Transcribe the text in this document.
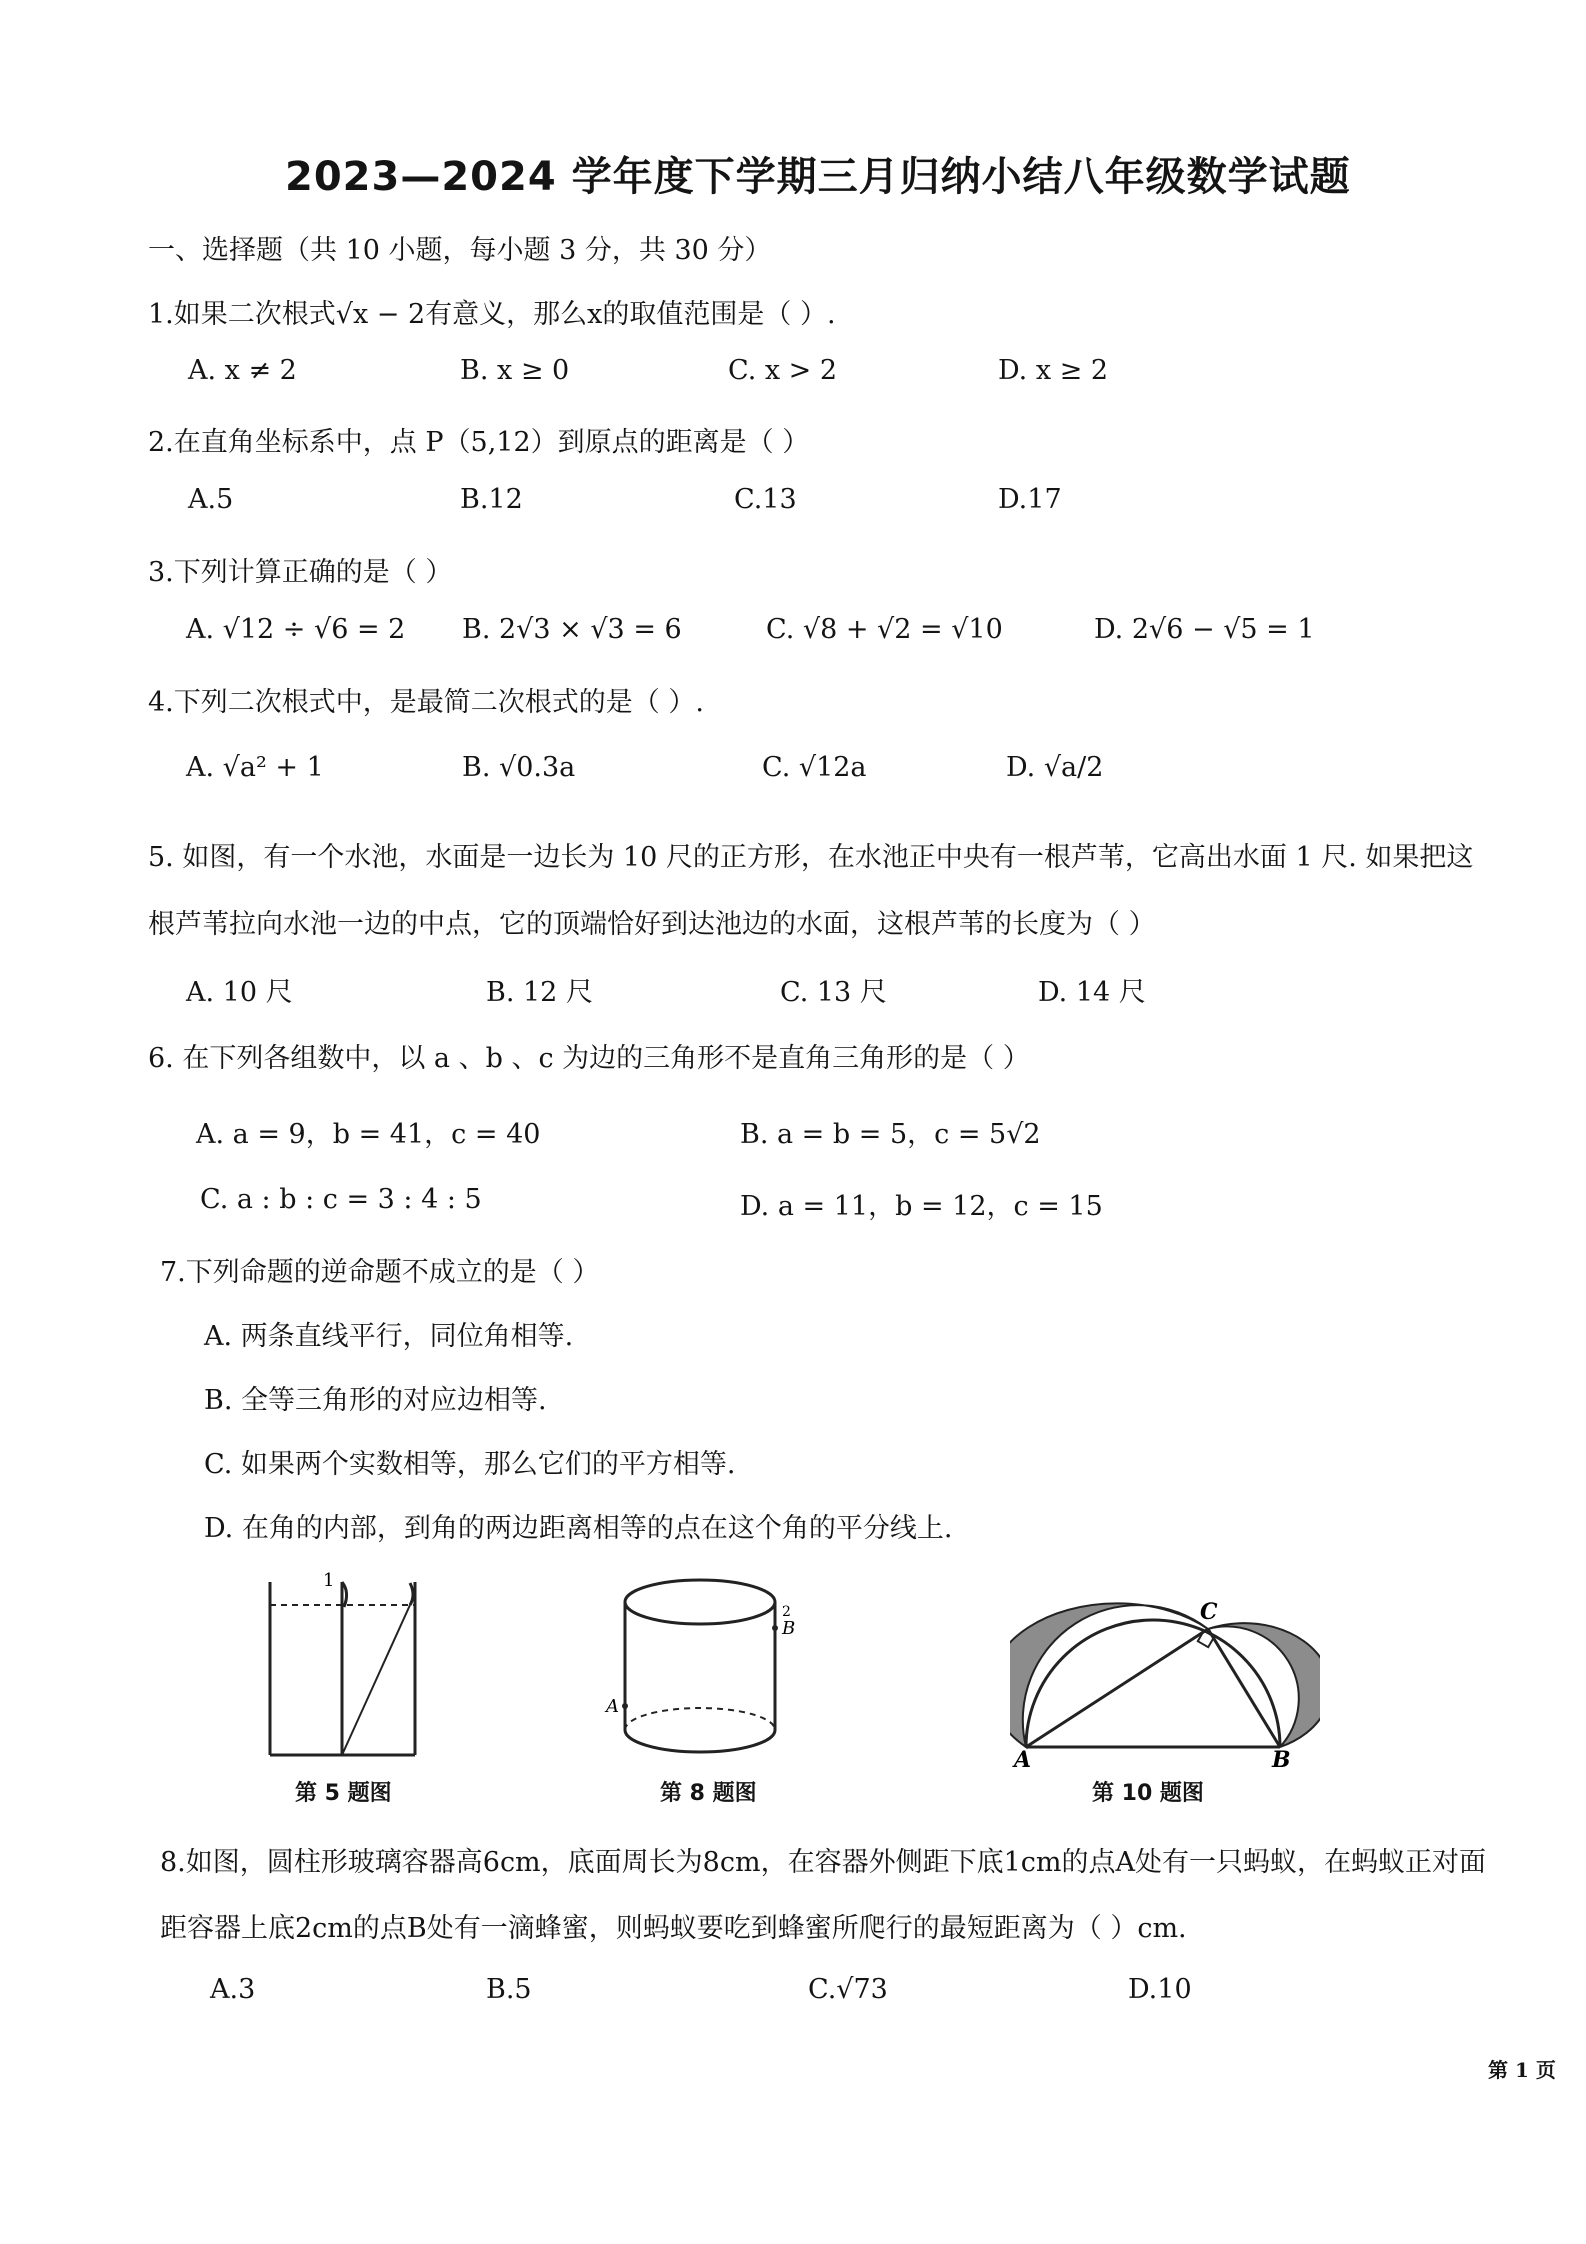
2023—2024 学年度下学期三月归纳小结八年级数学试题
一、选择题（共 10 小题，每小题 3 分，共 30 分）
1.如果二次根式√x − 2有意义，那么x的取值范围是（ ）.
A. x ≠ 2	B. x ≥ 0	C. x > 2	D. x ≥ 2
2.在直角坐标系中，点 P（5,12）到原点的距离是（ ）
A.5	B.12	C.13	D.17
3.下列计算正确的是（ ）
A. √12 ÷ √6 = 2 B. 2√3 × √3 = 6	C. √8 + √2 = √10	D. 2√6 − √5 = 1
4.下列二次根式中，是最简二次根式的是（ ）.
A. √a² + 1	B. √0.3a	C. √12a	D. √a/2
5. 如图，有一个水池，水面是一边长为 10 尺的正方形，在水池正中央有一根芦苇，它高出水面 1 尺. 如果把这
根芦苇拉向水池一边的中点，它的顶端恰好到达池边的水面，这根芦苇的长度为（ ）
A. 10 尺	B. 12 尺	C. 13 尺	D. 14 尺
6. 在下列各组数中，以 a 、b 、c 为边的三角形不是直角三角形的是（ ）
A. a = 9，b = 41，c = 40	B. a = b = 5，c = 5√2
C. a : b : c = 3 : 4 : 5	D. a = 11，b = 12，c = 15
7.下列命题的逆命题不成立的是（ ）
A. 两条直线平行，同位角相等.
B. 全等三角形的对应边相等.
C. 如果两个实数相等，那么它们的平方相等.
D. 在角的内部，到角的两边距离相等的点在这个角的平分线上.
1
第 5 题图
A
B
2
第 8 题图
A	B
C
第 10 题图
8.如图，圆柱形玻璃容器高6cm，底面周长为8cm，在容器外侧距下底1cm的点A处有一只蚂蚁，在蚂蚁正对面
距容器上底2cm的点B处有一滴蜂蜜，则蚂蚁要吃到蜂蜜所爬行的最短距离为（ ）cm.
A.3	B.5	C.√73	D.10
第 1 页
